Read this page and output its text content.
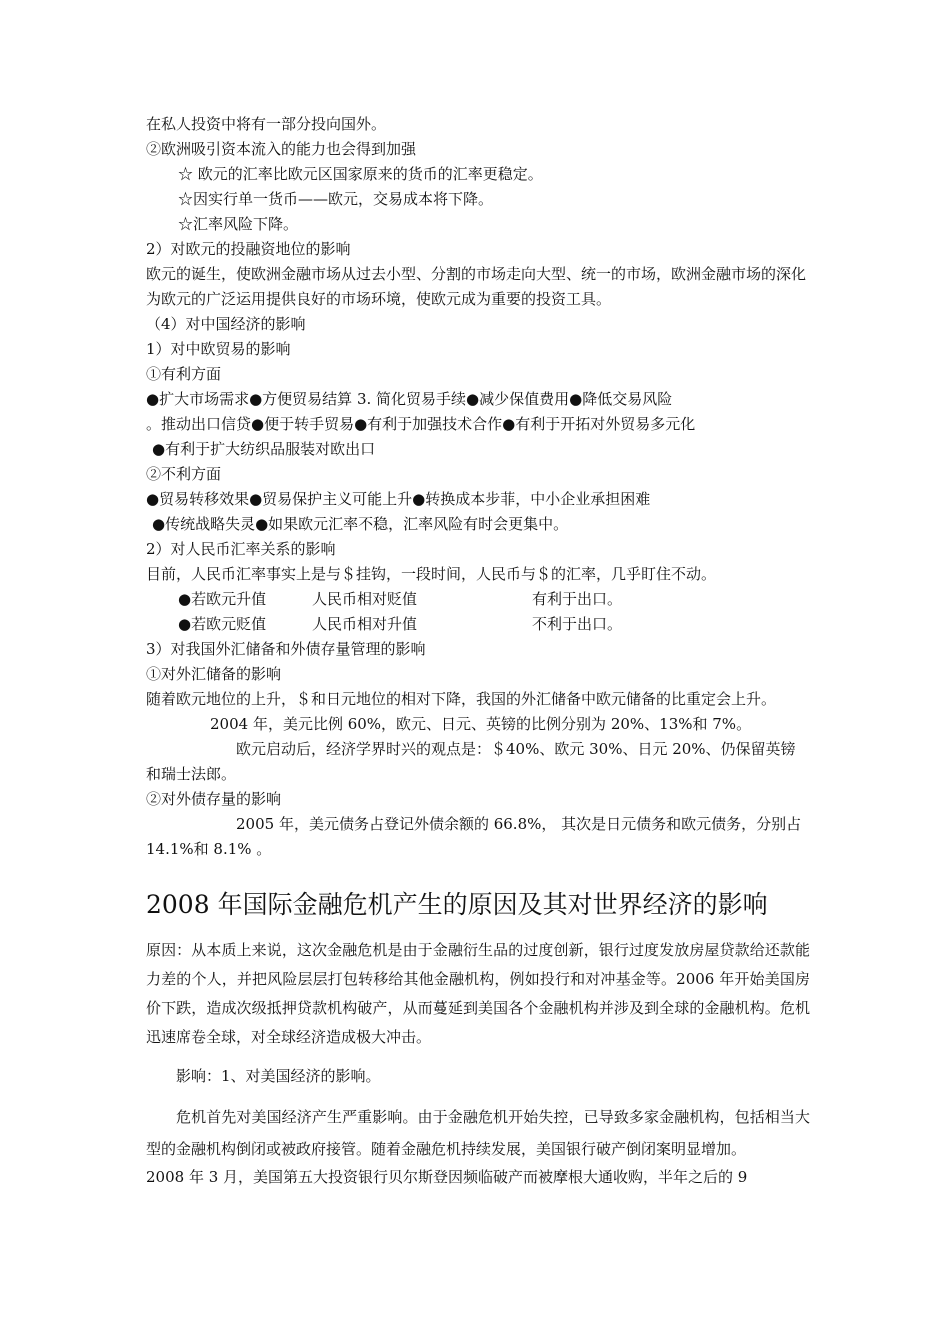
在私人投资中将有一部分投向国外。
②欧洲吸引资本流入的能力也会得到加强
☆ 欧元的汇率比欧元区国家原来的货币的汇率更稳定。
☆因实行单一货币——欧元，交易成本将下降。
☆汇率风险下降。
2）对欧元的投融资地位的影响
欧元的诞生，使欧洲金融市场从过去小型、分割的市场走向大型、统一的市场，欧洲金融市场的深化为欧元的广泛运用提供良好的市场环境，使欧元成为重要的投资工具。
（4）对中国经济的影响
1）对中欧贸易的影响
①有利方面
●扩大市场需求●方便贸易结算 3. 简化贸易手续●减少保值费用●降低交易风险
。推动出口信贷●便于转手贸易●有利于加强技术合作●有利于开拓对外贸易多元化
●有利于扩大纺织品服装对欧出口
②不利方面
●贸易转移效果●贸易保护主义可能上升●转换成本步菲，中小企业承担困难
●传统战略失灵●如果欧元汇率不稳，汇率风险有时会更集中。
2）对人民币汇率关系的影响
目前，人民币汇率事实上是与＄挂钩，一段时间，人民币与＄的汇率，几乎盯住不动。
●若欧元升值	人民币相对贬值	有利于出口。
●若欧元贬值	人民币相对升值	不利于出口。
3）对我国外汇储备和外债存量管理的影响
①对外汇储备的影响
随着欧元地位的上升，＄和日元地位的相对下降，我国的外汇储备中欧元储备的比重定会上升。
2004 年，美元比例 60%，欧元、日元、英镑的比例分别为 20%、13%和 7%。
欧元启动后，经济学界时兴的观点是：＄40%、欧元 30%、日元 20%、仍保留英镑和瑞士法郎。
②对外债存量的影响
2005 年，美元债务占登记外债余额的 66.8%， 其次是日元债务和欧元债务，分别占 14.1%和 8.1% 。
2008 年国际金融危机产生的原因及其对世界经济的影响

原因：从本质上来说，这次金融危机是由于金融衍生品的过度创新，银行过度发放房屋贷款给还款能力差的个人，并把风险层层打包转移给其他金融机构，例如投行和对冲基金等。2006 年开始美国房价下跌，造成次级抵押贷款机构破产，从而蔓延到美国各个金融机构并涉及到全球的金融机构。危机迅速席卷全球，对全球经济造成极大冲击。

影响：1、对美国经济的影响。

危机首先对美国经济产生严重影响。由于金融危机开始失控，已导致多家金融机构，包括相当大型的金融机构倒闭或被政府接管。随着金融危机持续发展，美国银行破产倒闭案明显增加。

2008 年 3 月，美国第五大投资银行贝尔斯登因频临破产而被摩根大通收购，半年之后的 9
